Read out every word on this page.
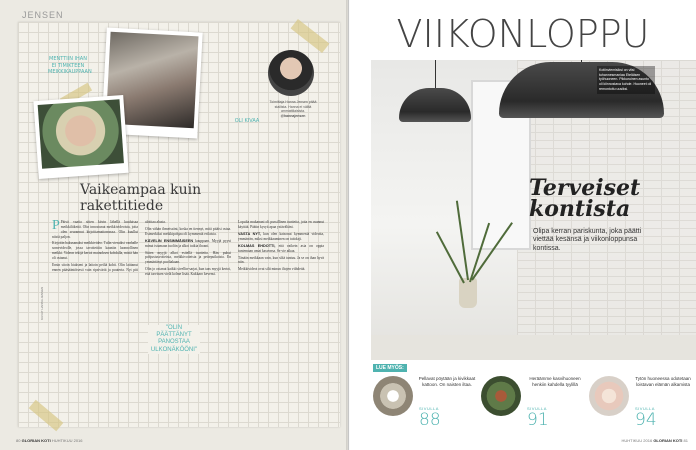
JENSEN
MENTTIIN IHAN EI TIMIKTEEN MEIKKIKAUPPAAN
OLI KIVAA
Toimittaja Hanna Jensen pitää stailista. Hanna ei välitä ammattilaisista.
@hannajensen
Vaikeampaa kuin rakettitiede

P Päivä vaatia sitten kävin lähellä kuuluisaa meikkiliikettä. Olin innostunut meikkivideoista, joita olen seurannut kirjoittamattomassa. Olin kuullut niistä paljon.

Kirjoitin hakusanaksi meikkivideo. Tulin vieraiksi vanhalle somevideolle, jossa tavoitettiin kauniin luonnollinen meikki. Videon tekijä kertoi mainoksen kohdalla, mistä hän oli ostanut.

Ensin sitoin hiukseni ja laitoin peiliä kohti. Olin laittanut ennen pääsääntöisesti vain ripsiväriä ja puuteria. Nyt piti aloittaa alusta.

Olin vähän ihmeissäni, koska en tiennyt, mitä pitäisi ostaa. Esimerkiksi meikkipohjaa oli kymmeniä erilaisia.

KÄVELIN ENSIMMÄISEEN kauppaan. Myyjä pyysi minut istumaan tuoliin ja alkoi tutkia ihoani.

Sitten myyjä alkoi esitellä tuotteita. Hän puhui pohjustusvoiteista, meikkivoiteista ja peitepuikoista. En ymmärtänyt puoliakaan.

Olin jo ostanut kaikki sivellin-sarjat, kun taas myyjä kertoi, että tarvitsen vielä kolme lisää. Kukkaro kevensi.

Lopulta mukanani oli pussillinen tuotteita, joita en osannut käyttää. Päätin kysyä apua ystävältäni.

VASTA NYT, kun olen katsonut kymmeniä videoita, ymmärrän, miksi meikkaaminen on taitolaji.

KOLMAS EHDOTTI, että vaikein asia on oppia tuntemaan omat kasvonsa. Se vie aikaa.

Tänään meikkaan vain, kun siltä tuntuu. Ja se on ihan hyvä niin.

Meikkivideot ovat silti minun iltojen viihdettä.

"OLIN PÄÄTTÄNYT PANOSTAA ULKONÄKÖÖNI"
KUVAT HANNA JENSEN
80 GLORIAN KOTI HUHTIKUU 2016
VIIKONLOPPU
Kotiinviemisiksi on viisi tuhannesmaniaa Eteläisen työhuoneen. Pikkuruinen asunto oli kiinnostava kohde. Huoneet oli remontoitu uusiksi.
Terveiset
kontista
Olipa kerran pariskunta, joka päätti viettää kesänsä ja viikonloppunsa kontissa.
LUE MYÖS:
Pellavat pöytään ja kivikkaat kattoon. On naisten iltaa.
SIVULLA
88
Heräämme kasvihuoneen henkiin kahdella tyylillä
SIVULLA
91
Tytön huoneessa odotetaan loistavan elämän alkamista
SIVULLA
94
HUHTIKUU 2016 GLORIAN KOTI 81
